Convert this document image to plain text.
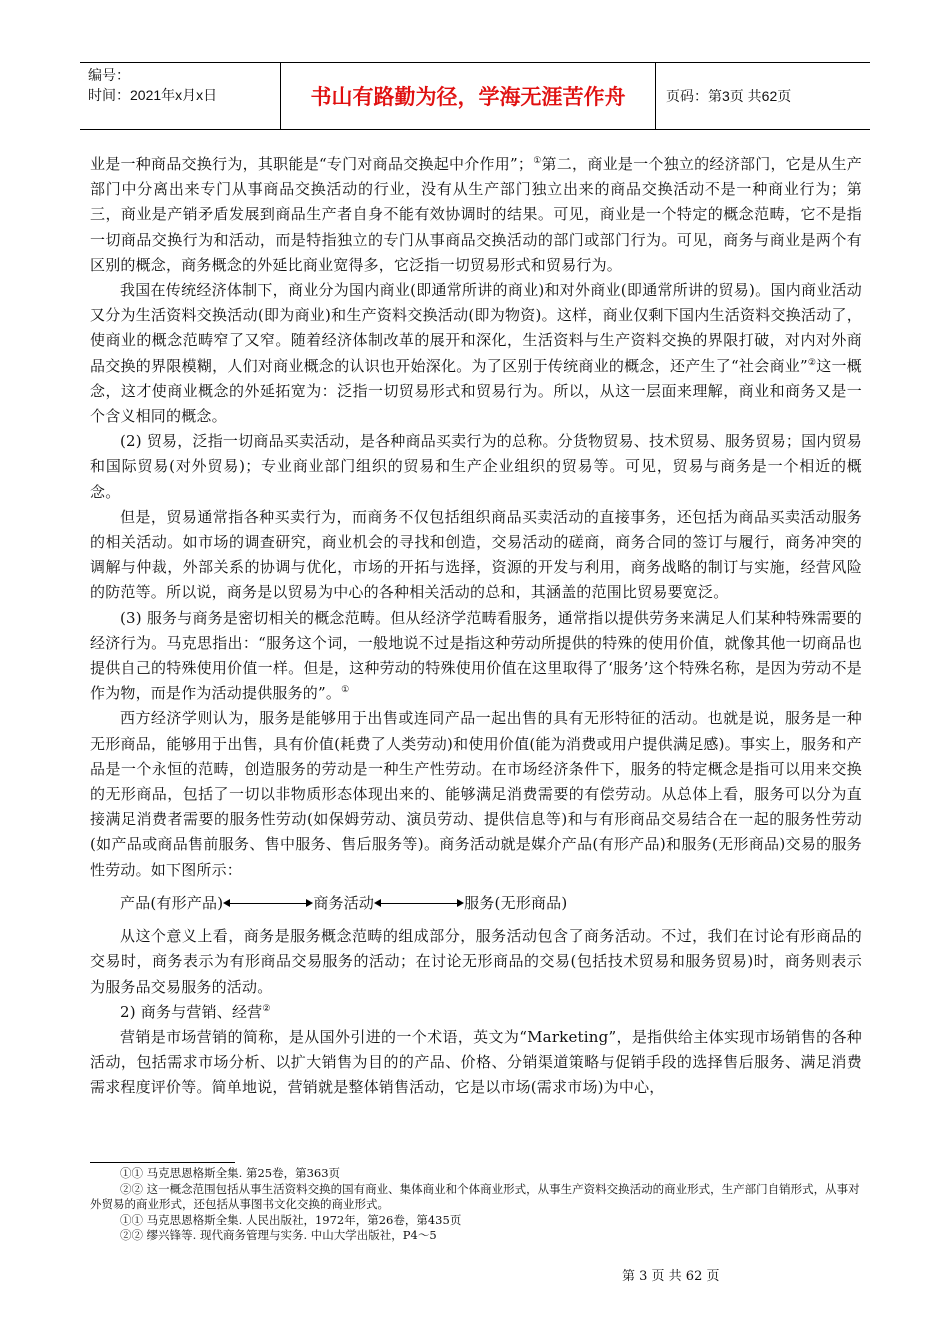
编号：
时间：2021年x月x日	书山有路勤为径，学海无涯苦作舟	页码：第3页 共62页

业是一种商品交换行为，其职能是“专门对商品交换起中介作用”；①第二，商业是一个独立的经济部门，它是从生产部门中分离出来专门从事商品交换活动的行业，没有从生产部门独立出来的商品交换活动不是一种商业行为；第三，商业是产销矛盾发展到商品生产者自身不能有效协调时的结果。可见，商业是一个特定的概念范畴，它不是指一切商品交换行为和活动，而是特指独立的专门从事商品交换活动的部门或部门行为。可见，商务与商业是两个有区别的概念，商务概念的外延比商业宽得多，它泛指一切贸易形式和贸易行为。

我国在传统经济体制下，商业分为国内商业(即通常所讲的商业)和对外商业(即通常所讲的贸易)。国内商业活动又分为生活资料交换活动(即为商业)和生产资料交换活动(即为物资)。这样，商业仅剩下国内生活资料交换活动了，使商业的概念范畴窄了又窄。随着经济体制改革的展开和深化，生活资料与生产资料交换的界限打破，对内对外商品交换的界限模糊，人们对商业概念的认识也开始深化。为了区别于传统商业的概念，还产生了“社会商业”②这一概念，这才使商业概念的外延拓宽为：泛指一切贸易形式和贸易行为。所以，从这一层面来理解，商业和商务又是一个含义相同的概念。

(2) 贸易，泛指一切商品买卖活动，是各种商品买卖行为的总称。分货物贸易、技术贸易、服务贸易；国内贸易和国际贸易(对外贸易)；专业商业部门组织的贸易和生产企业组织的贸易等。可见，贸易与商务是一个相近的概念。

但是，贸易通常指各种买卖行为，而商务不仅包括组织商品买卖活动的直接事务，还包括为商品买卖活动服务的相关活动。如市场的调查研究，商业机会的寻找和创造，交易活动的磋商，商务合同的签订与履行，商务冲突的调解与仲裁，外部关系的协调与优化，市场的开拓与选择，资源的开发与利用，商务战略的制订与实施，经营风险的防范等。所以说，商务是以贸易为中心的各种相关活动的总和，其涵盖的范围比贸易要宽泛。

(3) 服务与商务是密切相关的概念范畴。但从经济学范畴看服务，通常指以提供劳务来满足人们某种特殊需要的经济行为。马克思指出：“服务这个词，一般地说不过是指这种劳动所提供的特殊的使用价值，就像其他一切商品也提供自己的特殊使用价值一样。但是，这种劳动的特殊使用价值在这里取得了‘服务’这个特殊名称，是因为劳动不是作为物，而是作为活动提供服务的”。①

西方经济学则认为，服务是能够用于出售或连同产品一起出售的具有无形特征的活动。也就是说，服务是一种无形商品，能够用于出售，具有价值(耗费了人类劳动)和使用价值(能为消费或用户提供满足感)。事实上，服务和产品是一个永恒的范畴，创造服务的劳动是一种生产性劳动。在市场经济条件下，服务的特定概念是指可以用来交换的无形商品，包括了一切以非物质形态体现出来的、能够满足消费需要的有偿劳动。从总体上看，服务可以分为直接满足消费者需要的服务性劳动(如保姆劳动、演员劳动、提供信息等)和与有形商品交易结合在一起的服务性劳动(如产品或商品售前服务、售中服务、售后服务等)。商务活动就是媒介产品(有形产品)和服务(无形商品)交易的服务性劳动。如下图所示：

产品(有形产品)	商务活动	服务(无形商品)

从这个意义上看，商务是服务概念范畴的组成部分，服务活动包含了商务活动。不过，我们在讨论有形商品的交易时，商务表示为有形商品交易服务的活动；在讨论无形商品的交易(包括技术贸易和服务贸易)时，商务则表示为服务品交易服务的活动。

2) 商务与营销、经营②

营销是市场营销的简称，是从国外引进的一个术语，英文为“Marketing”，是指供给主体实现市场销售的各种活动，包括需求市场分析、以扩大销售为目的的产品、价格、分销渠道策略与促销手段的选择售后服务、满足消费需求程度评价等。简单地说，营销就是整体销售活动，它是以市场(需求市场)为中心，

①① 马克思恩格斯全集. 第25卷，第363页

②② 这一概念范围包括从事生活资料交换的国有商业、集体商业和个体商业形式，从事生产资料交换活动的商业形式，生产部门自销形式，从事对外贸易的商业形式，还包括从事图书文化交换的商业形式。

①① 马克思恩格斯全集. 人民出版社，1972年，第26卷，第435页

②② 缪兴锋等. 现代商务管理与实务. 中山大学出版社，P4～5

第 3 页 共 62 页
